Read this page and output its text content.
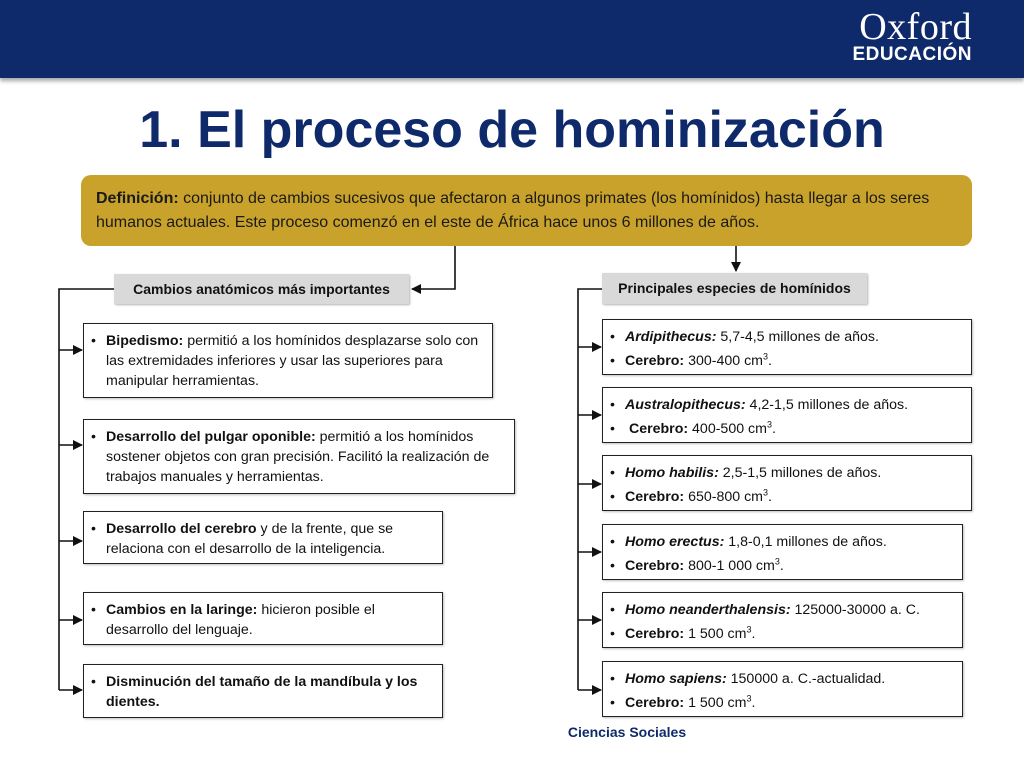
Oxford
EDUCACIÓN
1. El proceso de hominización
Definición: conjunto de cambios sucesivos que afectaron a algunos primates (los homínidos) hasta llegar a los seres humanos actuales. Este proceso comenzó en el este de África hace unos 6 millones de años.
Cambios anatómicos más importantes
• Bipedismo: permitió a los homínidos desplazarse solo con las extremidades inferiores y usar las superiores para manipular herramientas.
• Desarrollo del pulgar oponible: permitió a los homínidos sostener objetos con gran precisión. Facilitó la realización de trabajos manuales y herramientas.
• Desarrollo del cerebro y de la frente, que se relaciona con el desarrollo de la inteligencia.
• Cambios en la laringe: hicieron posible el desarrollo del lenguaje.
• Disminución del tamaño de la mandíbula y los dientes.
Principales especies de homínidos
• Ardipithecus: 5,7-4,5 millones de años.
• Cerebro: 300-400 $cm^3$.
• Australopithecus: 4,2-1,5 millones de años.
• Cerebro: 400-500 $cm^3$.
• Homo habilis: 2,5-1,5 millones de años.
• Cerebro: 650-800 $cm^3$.
• Homo erectus: 1,8-0,1 millones de años.
• Cerebro: 800-1 000 $cm^3$.
• Homo neanderthalensis: 125000-30000 a. C.
• Cerebro: 1 500 $cm^3$.
• Homo sapiens: 150000 a. C.-actualidad.
• Cerebro: 1 500 $cm^3$.
Ciencias Sociales
